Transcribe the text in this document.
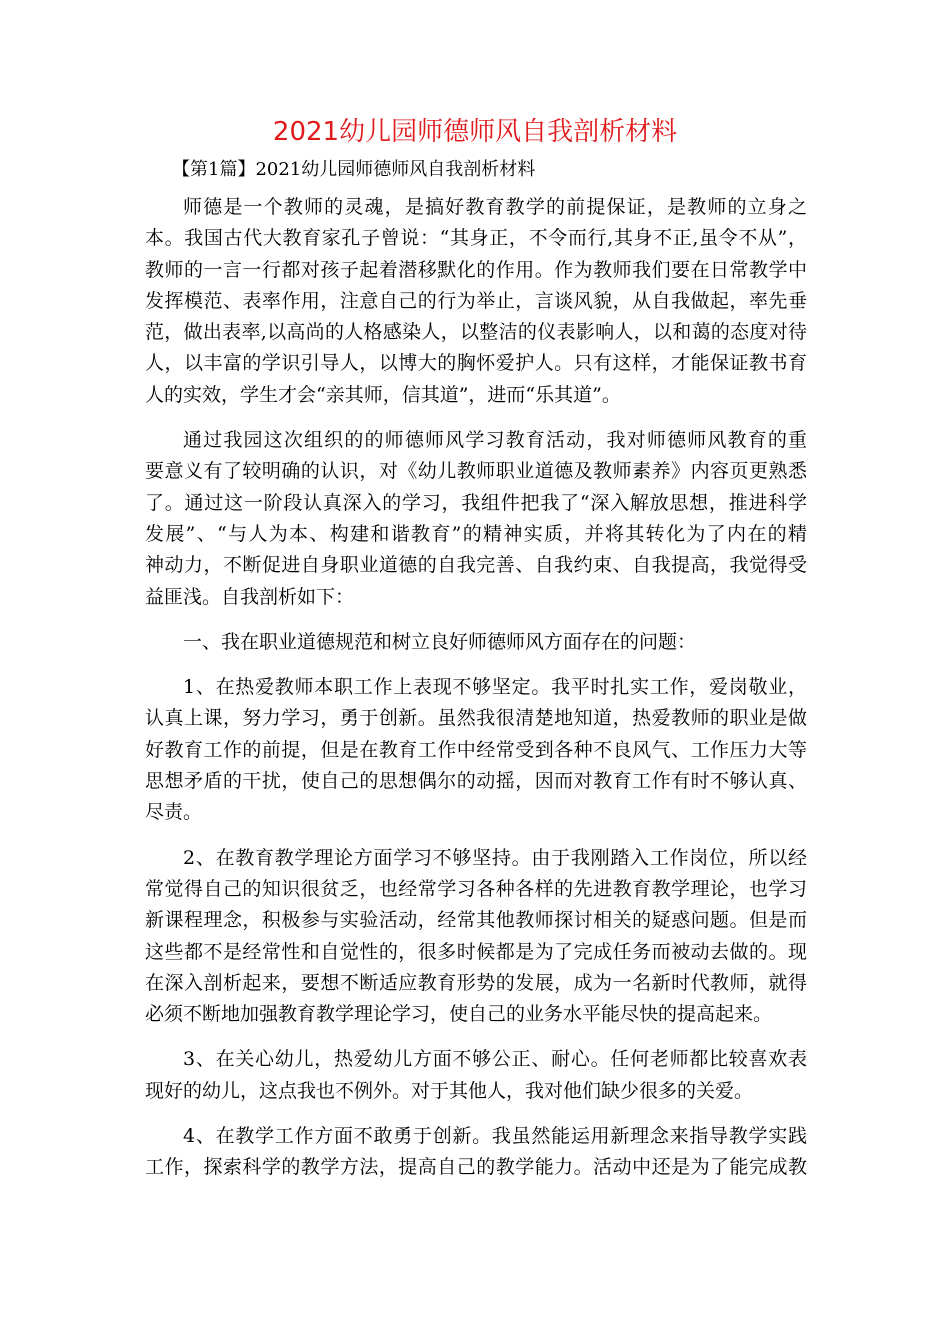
2021幼儿园师德师风自我剖析材料
【第1篇】2021幼儿园师德师风自我剖析材料
师德是一个教师的灵魂，是搞好教育教学的前提保证，是教师的立身之
本。我国古代大教育家孔子曾说：“其身正，不令而行,其身不正,虽令不从”，
教师的一言一行都对孩子起着潜移默化的作用。作为教师我们要在日常教学中
发挥模范、表率作用，注意自己的行为举止，言谈风貌，从自我做起，率先垂
范，做出表率,以高尚的人格感染人，以整洁的仪表影响人，以和蔼的态度对待
人，以丰富的学识引导人，以博大的胸怀爱护人。只有这样，才能保证教书育
人的实效，学生才会“亲其师，信其道”，进而“乐其道”。
通过我园这次组织的的师德师风学习教育活动，我对师德师风教育的重
要意义有了较明确的认识，对《幼儿教师职业道德及教师素养》内容页更熟悉
了。通过这一阶段认真深入的学习，我组件把我了“深入解放思想，推进科学
发展”、“与人为本、构建和谐教育”的精神实质，并将其转化为了内在的精
神动力，不断促进自身职业道德的自我完善、自我约束、自我提高，我觉得受
益匪浅。自我剖析如下：
一、我在职业道德规范和树立良好师德师风方面存在的问题：
1、在热爱教师本职工作上表现不够坚定。我平时扎实工作，爱岗敬业，
认真上课，努力学习，勇于创新。虽然我很清楚地知道，热爱教师的职业是做
好教育工作的前提，但是在教育工作中经常受到各种不良风气、工作压力大等
思想矛盾的干扰，使自己的思想偶尔的动摇，因而对教育工作有时不够认真、
尽责。
2、在教育教学理论方面学习不够坚持。由于我刚踏入工作岗位，所以经
常觉得自己的知识很贫乏，也经常学习各种各样的先进教育教学理论，也学习
新课程理念，积极参与实验活动，经常其他教师探讨相关的疑惑问题。但是而
这些都不是经常性和自觉性的，很多时候都是为了完成任务而被动去做的。现
在深入剖析起来，要想不断适应教育形势的发展，成为一名新时代教师，就得
必须不断地加强教育教学理论学习，使自己的业务水平能尽快的提高起来。
3、在关心幼儿，热爱幼儿方面不够公正、耐心。任何老师都比较喜欢表
现好的幼儿，这点我也不例外。对于其他人，我对他们缺少很多的关爱。
4、在教学工作方面不敢勇于创新。我虽然能运用新理念来指导教学实践
工作，探索科学的教学方法，提高自己的教学能力。活动中还是为了能完成教
